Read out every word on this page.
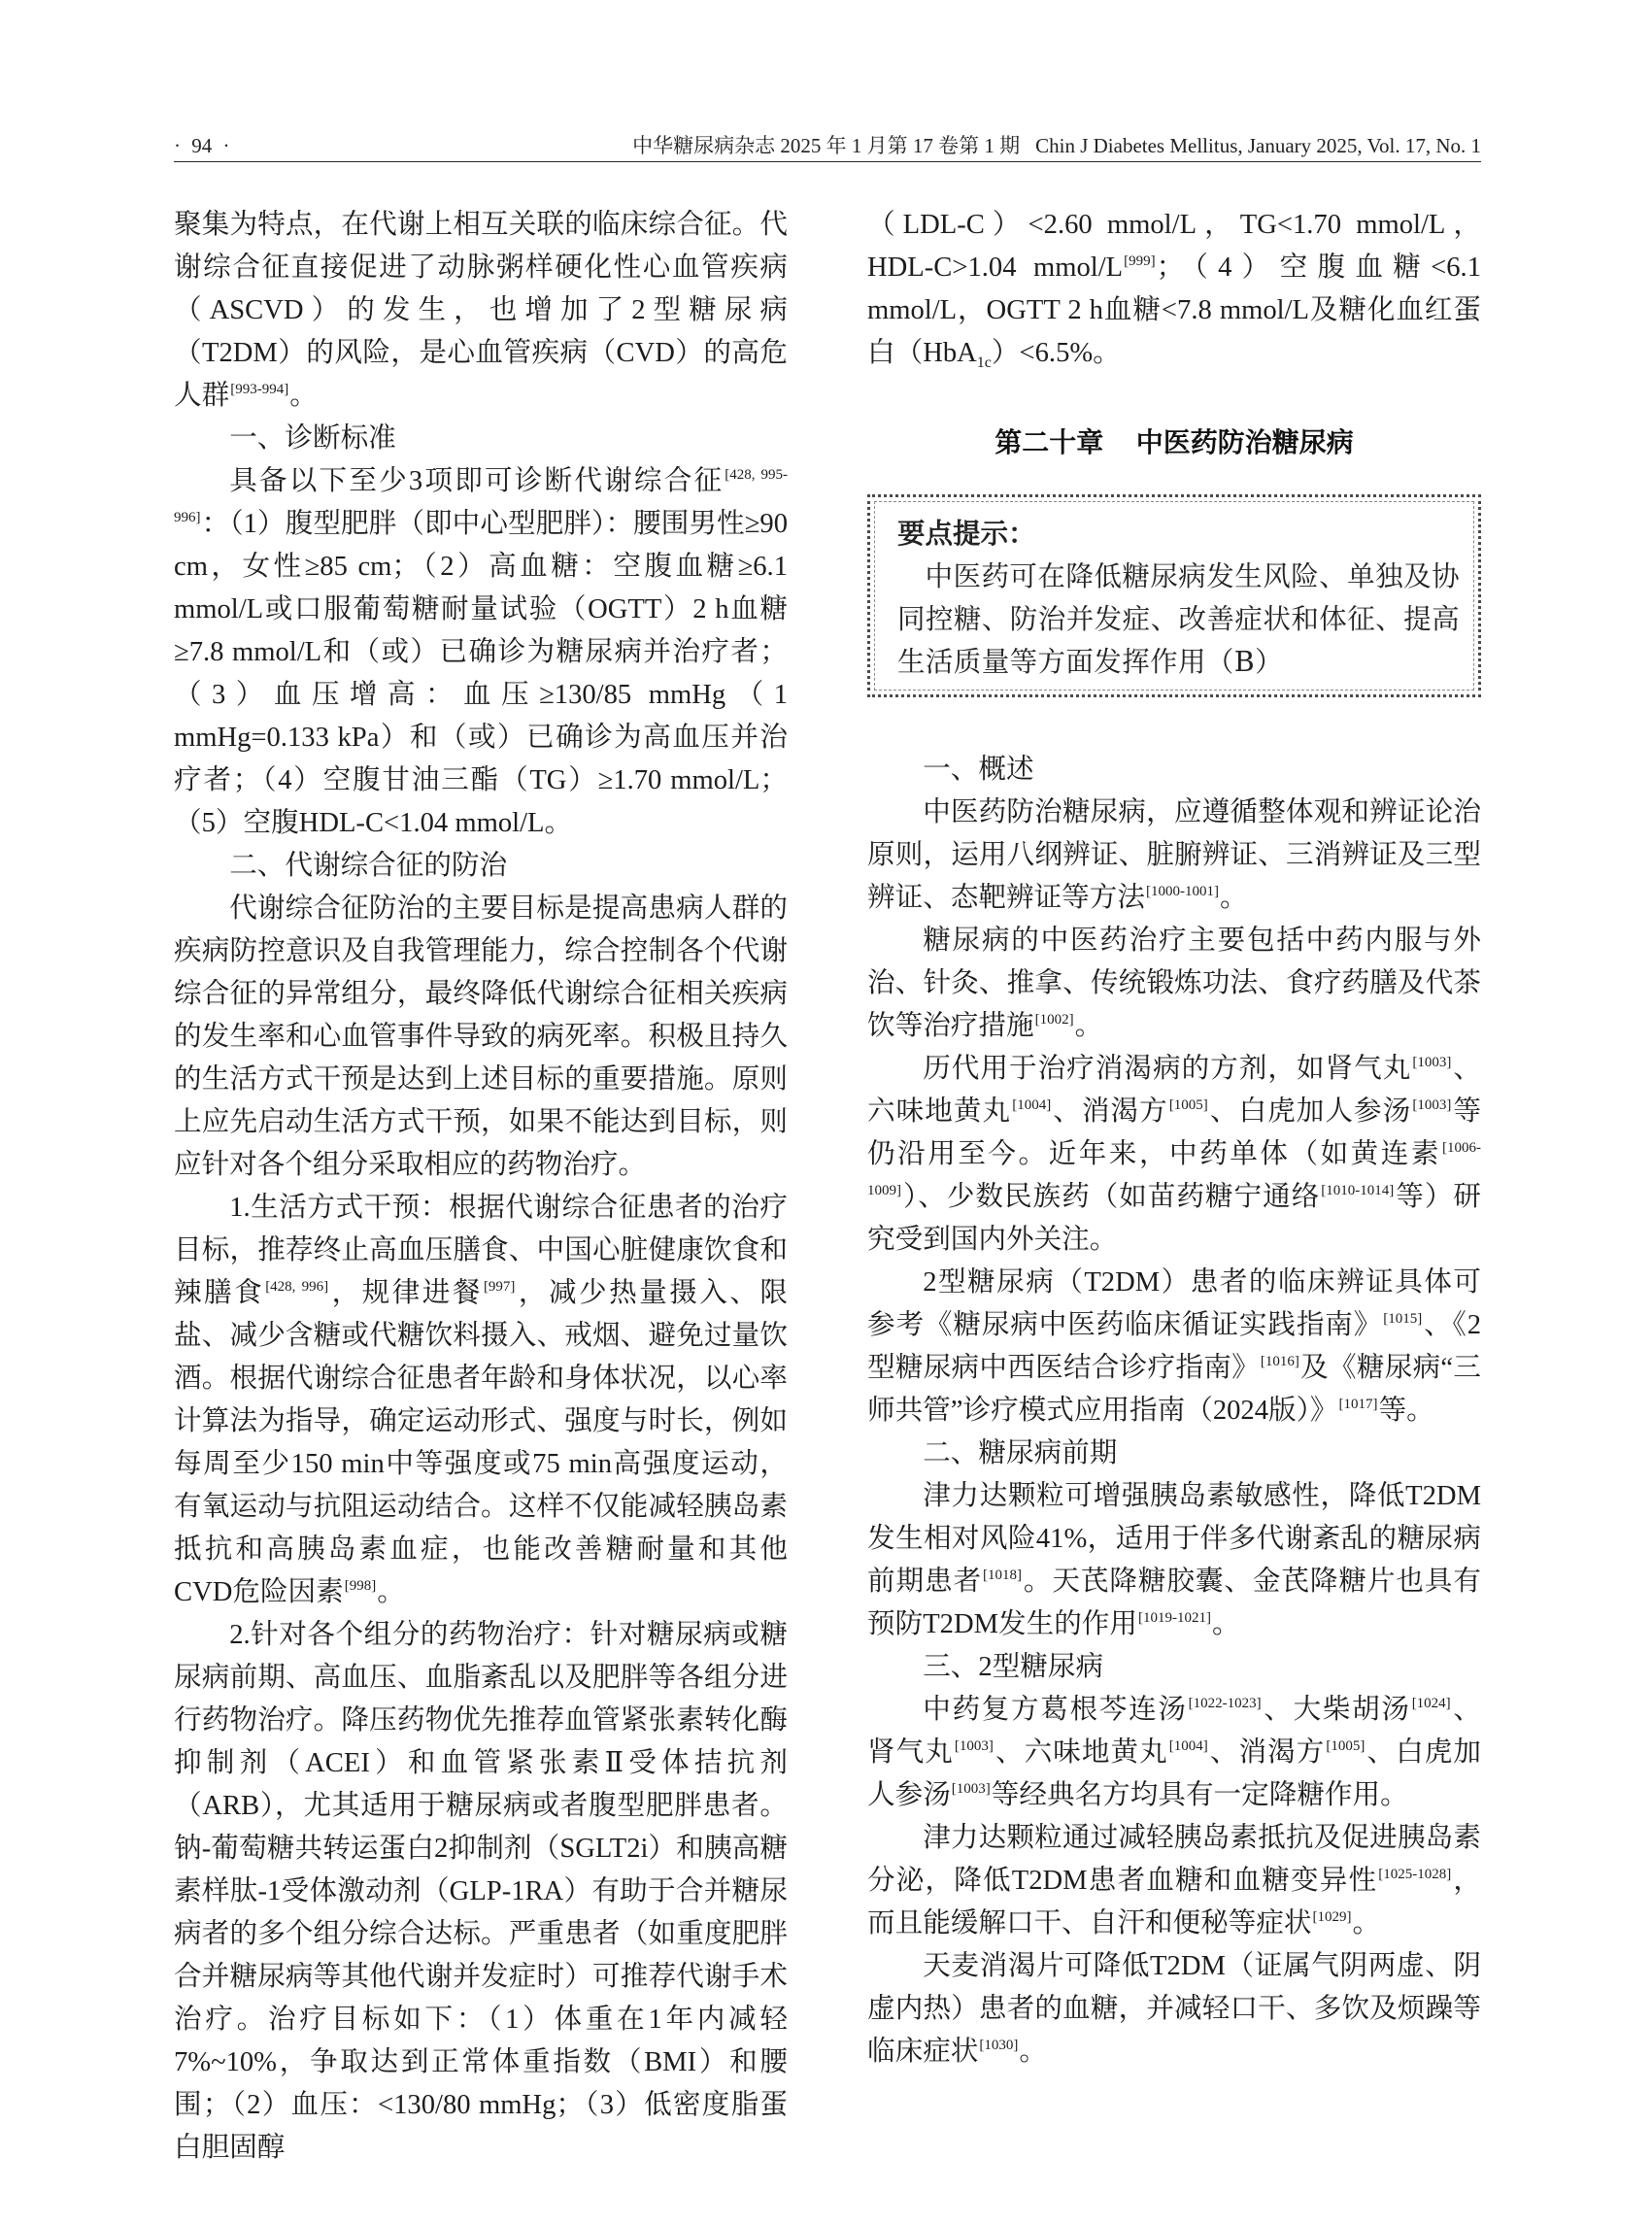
· 94 ·	中华糖尿病杂志 2025 年 1 月第 17 卷第 1 期 Chin J Diabetes Mellitus, January 2025, Vol. 17, No. 1

聚集为特点，在代谢上相互关联的临床综合征。代谢综合征直接促进了动脉粥样硬化性心血管疾病（ASCVD）的发生，也增加了2型糖尿病（T2DM）的风险，是心血管疾病（CVD）的高危人群[993-994]。

一、诊断标准

具备以下至少3项即可诊断代谢综合征[428, 995-996]：（1）腹型肥胖（即中心型肥胖）：腰围男性≥90 cm，女性≥85 cm；（2）高血糖：空腹血糖≥6.1 mmol/L或口服葡萄糖耐量试验（OGTT）2 h血糖≥7.8 mmol/L和（或）已确诊为糖尿病并治疗者；（3）血压增高：血压≥130/85 mmHg（1 mmHg=0.133 kPa）和（或）已确诊为高血压并治疗者；（4）空腹甘油三酯（TG）≥1.70 mmol/L；（5）空腹HDL-C<1.04 mmol/L。

二、代谢综合征的防治

代谢综合征防治的主要目标是提高患病人群的疾病防控意识及自我管理能力，综合控制各个代谢综合征的异常组分，最终降低代谢综合征相关疾病的发生率和心血管事件导致的病死率。积极且持久的生活方式干预是达到上述目标的重要措施。原则上应先启动生活方式干预，如果不能达到目标，则应针对各个组分采取相应的药物治疗。

1.生活方式干预：根据代谢综合征患者的治疗目标，推荐终止高血压膳食、中国心脏健康饮食和辣膳食[428, 996]，规律进餐[997]，减少热量摄入、限盐、减少含糖或代糖饮料摄入、戒烟、避免过量饮酒。根据代谢综合征患者年龄和身体状况，以心率计算法为指导，确定运动形式、强度与时长，例如每周至少150 min中等强度或75 min高强度运动，有氧运动与抗阻运动结合。这样不仅能减轻胰岛素抵抗和高胰岛素血症，也能改善糖耐量和其他CVD危险因素[998]。

2.针对各个组分的药物治疗：针对糖尿病或糖尿病前期、高血压、血脂紊乱以及肥胖等各组分进行药物治疗。降压药物优先推荐血管紧张素转化酶抑制剂（ACEI）和血管紧张素Ⅱ受体拮抗剂（ARB），尤其适用于糖尿病或者腹型肥胖患者。钠-葡萄糖共转运蛋白2抑制剂（SGLT2i）和胰高糖素样肽-1受体激动剂（GLP-1RA）有助于合并糖尿病者的多个组分综合达标。严重患者（如重度肥胖合并糖尿病等其他代谢并发症时）可推荐代谢手术治疗。治疗目标如下：（1）体重在1年内减轻7%~10%，争取达到正常体重指数（BMI）和腰围；（2）血压：<130/80 mmHg；（3）低密度脂蛋白胆固醇

（LDL-C）<2.60 mmol/L，TG<1.70 mmol/L，HDL-C>1.04 mmol/L[999]；（4）空腹血糖<6.1 mmol/L，OGTT 2 h血糖<7.8 mmol/L及糖化血红蛋白（HbA$_{1c}$）<6.5%。

第二十章 中医药防治糖尿病

要点提示：

中医药可在降低糖尿病发生风险、单独及协同控糖、防治并发症、改善症状和体征、提高生活质量等方面发挥作用（B）

一、概述

中医药防治糖尿病，应遵循整体观和辨证论治原则，运用八纲辨证、脏腑辨证、三消辨证及三型辨证、态靶辨证等方法[1000-1001]。

糖尿病的中医药治疗主要包括中药内服与外治、针灸、推拿、传统锻炼功法、食疗药膳及代茶饮等治疗措施[1002]。

历代用于治疗消渴病的方剂，如肾气丸[1003]、六味地黄丸[1004]、消渴方[1005]、白虎加人参汤[1003]等仍沿用至今。近年来，中药单体（如黄连素[1006-1009]）、少数民族药（如苗药糖宁通络[1010-1014]等）研究受到国内外关注。

2型糖尿病（T2DM）患者的临床辨证具体可参考《糖尿病中医药临床循证实践指南》[1015]、《2型糖尿病中西医结合诊疗指南》[1016]及《糖尿病“三师共管”诊疗模式应用指南（2024版）》[1017]等。

二、糖尿病前期

津力达颗粒可增强胰岛素敏感性，降低T2DM发生相对风险41%，适用于伴多代谢紊乱的糖尿病前期患者[1018]。天芪降糖胶囊、金芪降糖片也具有预防T2DM发生的作用[1019-1021]。

三、2型糖尿病

中药复方葛根芩连汤[1022-1023]、大柴胡汤[1024]、肾气丸[1003]、六味地黄丸[1004]、消渴方[1005]、白虎加人参汤[1003]等经典名方均具有一定降糖作用。

津力达颗粒通过减轻胰岛素抵抗及促进胰岛素分泌，降低T2DM患者血糖和血糖变异性[1025-1028]，而且能缓解口干、自汗和便秘等症状[1029]。

天麦消渴片可降低T2DM（证属气阴两虚、阴虚内热）患者的血糖，并减轻口干、多饮及烦躁等临床症状[1030]。
